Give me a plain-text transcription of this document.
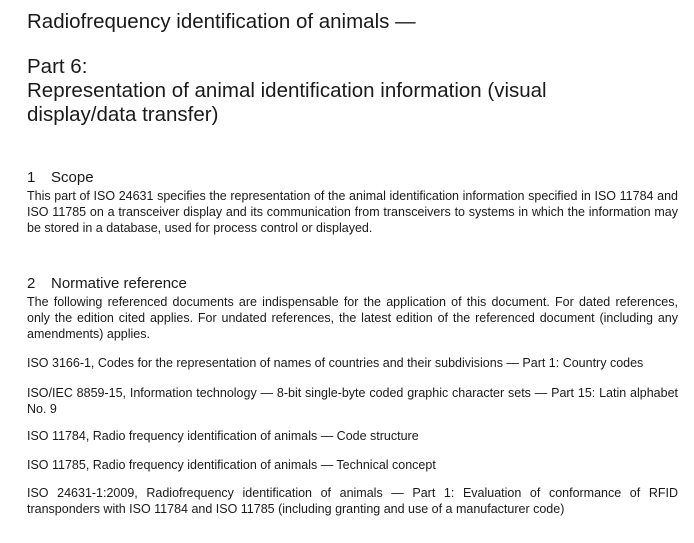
Radiofrequency identification of animals —
Part 6:
Representation of animal identification information (visual
display/data transfer)
1 Scope

This part of ISO 24631 specifies the representation of the animal identification information specified in ISO 11784 and ISO 11785 on a transceiver display and its communication from transceivers to systems in which the information may be stored in a database, used for process control or displayed.

2 Normative reference

The following referenced documents are indispensable for the application of this document. For dated references, only the edition cited applies. For undated references, the latest edition of the referenced document (including any amendments) applies.

ISO 3166-1, Codes for the representation of names of countries and their subdivisions — Part 1: Country codes

ISO/IEC 8859-15, Information technology — 8-bit single-byte coded graphic character sets — Part 15: Latin alphabet No. 9

ISO 11784, Radio frequency identification of animals — Code structure

ISO 11785, Radio frequency identification of animals — Technical concept

ISO 24631-1:2009, Radiofrequency identification of animals — Part 1: Evaluation of conformance of RFID transponders with ISO 11784 and ISO 11785 (including granting and use of a manufacturer code)
